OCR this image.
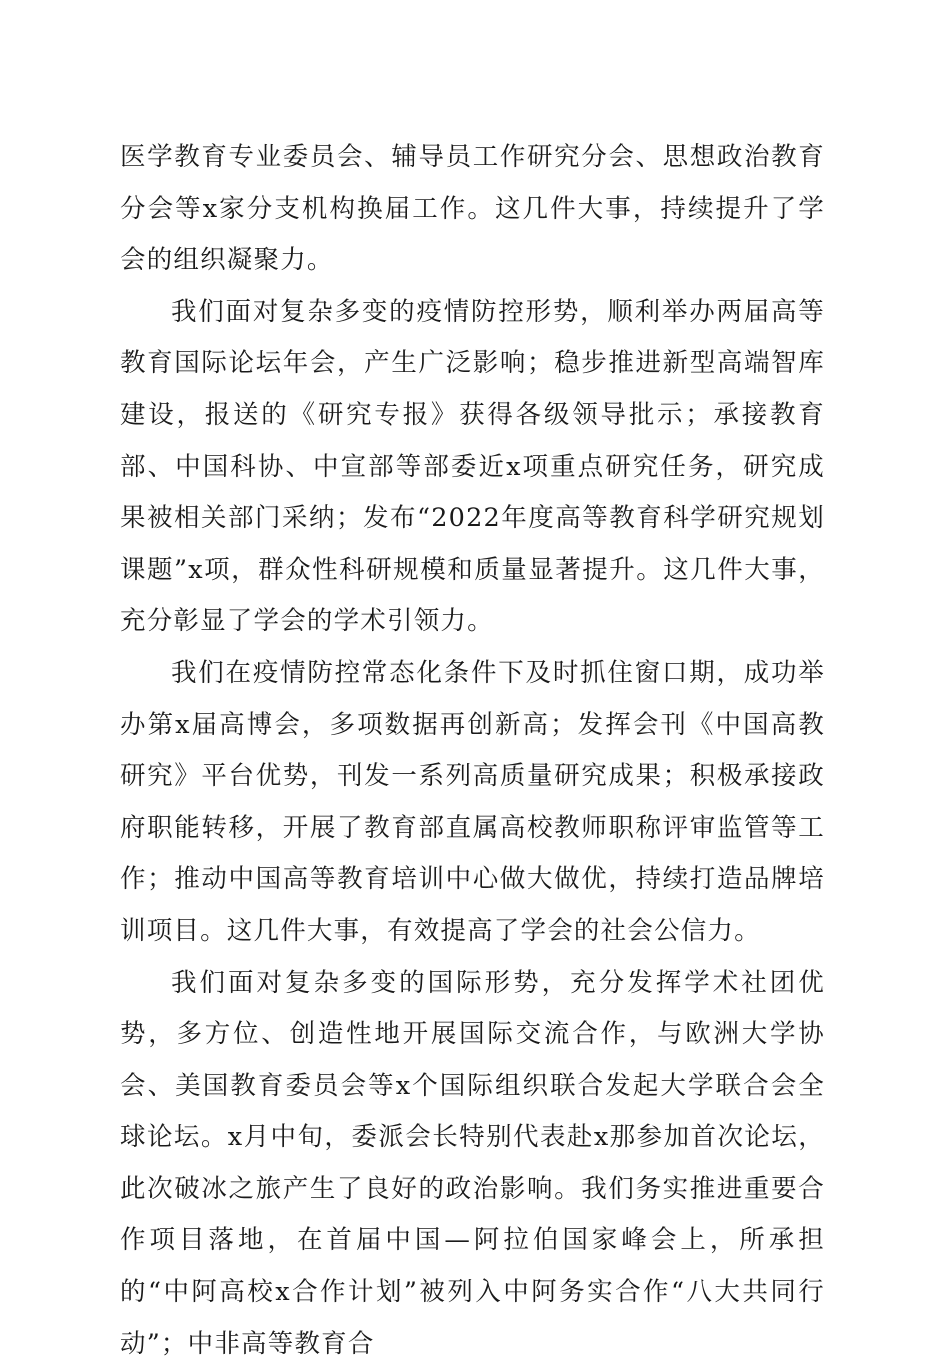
医学教育专业委员会、辅导员工作研究分会、思想政治教育分会等x家分支机构换届工作。这几件大事，持续提升了学会的组织凝聚力。

我们面对复杂多变的疫情防控形势，顺利举办两届高等教育国际论坛年会，产生广泛影响；稳步推进新型高端智库建设，报送的《研究专报》获得各级领导批示；承接教育部、中国科协、中宣部等部委近x项重点研究任务，研究成果被相关部门采纳；发布“2022年度高等教育科学研究规划课题”x项，群众性科研规模和质量显著提升。这几件大事，充分彰显了学会的学术引领力。

我们在疫情防控常态化条件下及时抓住窗口期，成功举办第x届高博会，多项数据再创新高；发挥会刊《中国高教研究》平台优势，刊发一系列高质量研究成果；积极承接政府职能转移，开展了教育部直属高校教师职称评审监管等工作；推动中国高等教育培训中心做大做优，持续打造品牌培训项目。这几件大事，有效提高了学会的社会公信力。

我们面对复杂多变的国际形势，充分发挥学术社团优势，多方位、创造性地开展国际交流合作，与欧洲大学协会、美国教育委员会等x个国际组织联合发起大学联合会全球论坛。x月中旬，委派会长特别代表赴x那参加首次论坛，此次破冰之旅产生了良好的政治影响。我们务实推进重要合作项目落地，在首届中国—阿拉伯国家峰会上，所承担的“中阿高校x合作计划”被列入中阿务实合作“八大共同行动”；中非高等教育合
